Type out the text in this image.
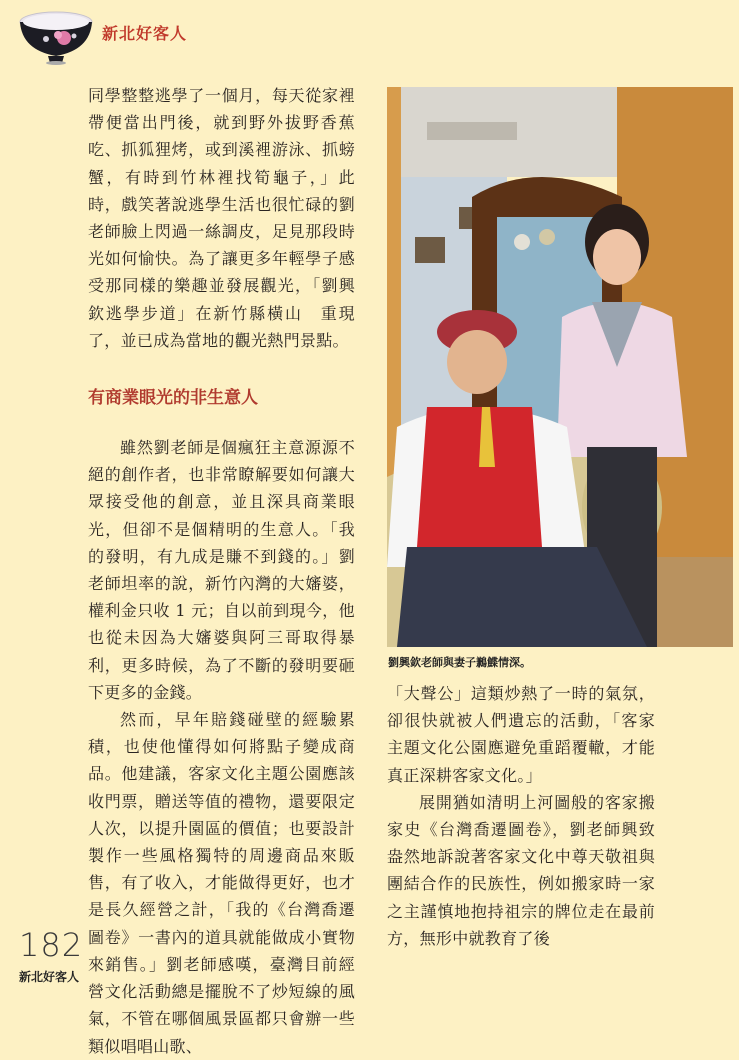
新北好客人

同學整整逃學了一個月，每天從家裡帶便當出門後，就到野外拔野香蕉吃、抓狐狸烤，或到溪裡游泳、抓螃蟹，有時到竹林裡找筍龜子，」此時，戲笑著說逃學生活也很忙碌的劉老師臉上閃過一絲調皮，足見那段時光如何愉快。為了讓更多年輕學子感受那同樣的樂趣並發展觀光，「劉興欽逃學步道」在新竹縣橫山　重現了，並已成為當地的觀光熱門景點。

有商業眼光的非生意人

雖然劉老師是個瘋狂主意源源不絕的創作者，也非常瞭解要如何讓大眾接受他的創意，並且深具商業眼光，但卻不是個精明的生意人。「我的發明，有九成是賺不到錢的。」劉老師坦率的說，新竹內灣的大嬸婆，權利金只收 1 元；自以前到現今，他也從未因為大嬸婆與阿三哥取得暴利，更多時候，為了不斷的發明要砸下更多的金錢。

然而，早年賠錢碰壁的經驗累積，也使他懂得如何將點子變成商品。他建議，客家文化主題公園應該收門票，贈送等值的禮物，還要限定人次，以提升園區的價值；也要設計製作一些風格獨特的周邊商品來販售，有了收入，才能做得更好，也才是長久經營之計，「我的《台灣喬遷圖卷》一書內的道具就能做成小實物來銷售。」劉老師感嘆，臺灣目前經營文化活動總是擺脫不了炒短線的風氣，不管在哪個風景區都只會辦一些類似唱唱山歌、

劉興欽老師與妻子鶼鰈情深。

「大聲公」這類炒熱了一時的氣氛，卻很快就被人們遺忘的活動，「客家主題文化公園應避免重蹈覆轍，才能真正深耕客家文化。」

展開猶如清明上河圖般的客家搬家史《台灣喬遷圖卷》，劉老師興致盎然地訴說著客家文化中尊天敬祖與團結合作的民族性，例如搬家時一家之主謹慎地抱持祖宗的牌位走在最前方，無形中就教育了後

182
新北好客人
